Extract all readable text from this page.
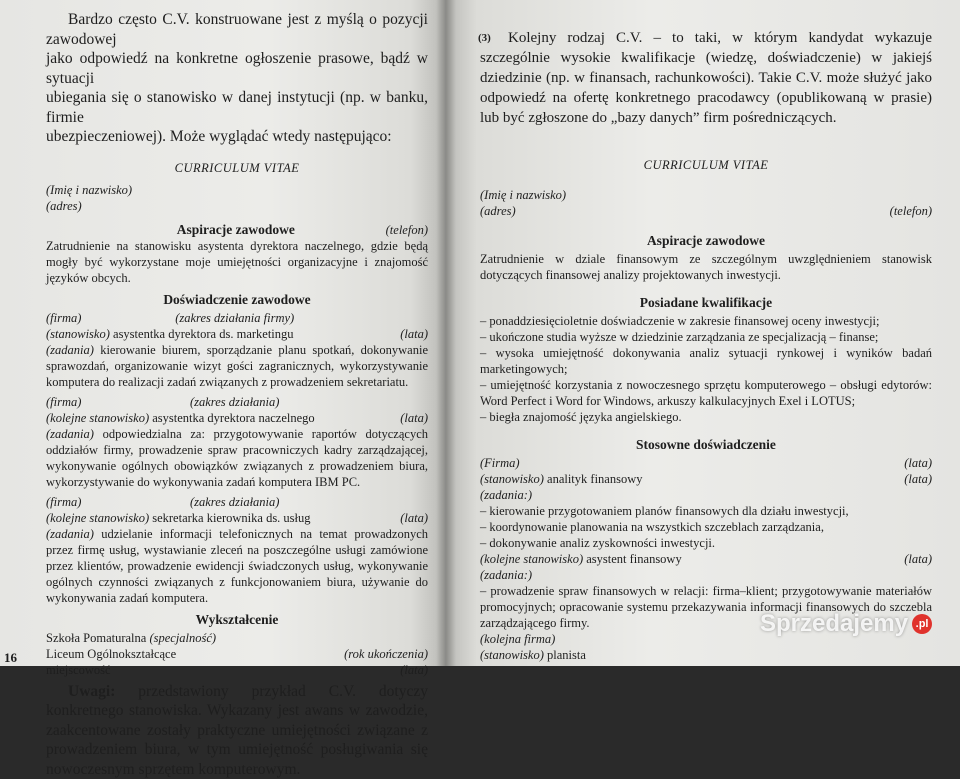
Bardzo często C.V. konstruowane jest z myślą o pozycji zawodowej

jako odpowiedź na konkretne ogłoszenie prasowe, bądź w sytuacji

ubiegania się o stanowisko w danej instytucji (np. w banku, firmie

ubezpieczeniowej). Może wyglądać wtedy następująco:

CURRICULUM VITAE

(Imię i nazwisko)

(adres)

Aspiracje zawodowe	(telefon)

Zatrudnienie na stanowisku asystenta dyrektora naczelnego, gdzie będą mogły być wykorzystane moje umiejętności organizacyjne i znajomość języków obcych.

Doświadczenie zawodowe
(firma)	(zakres działania firmy)
(stanowisko) asystentka dyrektora ds. marketingu	(lata)

(zadania) kierowanie biurem, sporządzanie planu spotkań, dokonywanie sprawozdań, organizowanie wizyt gości zagranicznych, wykorzystywanie komputera do realizacji zadań związanych z prowadzeniem sekretariatu.

(firma)	(zakres działania)
(kolejne stanowisko) asystentka dyrektora naczelnego	(lata)

(zadania) odpowiedzialna za: przygotowywanie raportów dotyczących oddziałów firmy, prowadzenie spraw pracowniczych kadry zarządzającej, wykonywanie ogólnych obowiązków związanych z prowadzeniem biura, wykorzystywanie do wykonywania zadań komputera IBM PC.

(firma)	(zakres działania)
(kolejne stanowisko) sekretarka kierownika ds. usług	(lata)

(zadania) udzielanie informacji telefonicznych na temat prowadzonych przez firmę usług, wystawianie zleceń na poszczególne usługi zamówione przez klientów, prowadzenie ewidencji świadczonych usług, wykonywanie ogólnych czynności związanych z funkcjonowaniem biura, używanie do wykonywania zadań komputera.

Wykształcenie

Szkoła Pomaturalna (specjalność)

Liceum Ogólnokształcące	(rok ukończenia)
miejscowość	(lata)

Uwagi: przedstawiony przykład C.V. dotyczy konkretnego stanowiska. Wykazany jest awans w zawodzie, zaakcentowane zostały praktyczne umiejętności związane z prowadzeniem biura, w tym umiejętność posługiwania się nowoczesnym sprzętem komputerowym.

Kolejny rodzaj C.V. – to taki, w którym kandydat wykazuje szczególnie wysokie kwalifikacje (wiedzę, doświadczenie) w jakiejś dziedzinie (np. w finansach, rachunkowości). Takie C.V. może służyć jako odpowiedź na ofertę konkretnego pracodawcy (opublikowaną w prasie) lub być zgłoszone do „bazy danych” firm pośredniczących.

CURRICULUM VITAE

(Imię i nazwisko)

(adres)	(telefon)
Aspiracje zawodowe

Zatrudnienie w dziale finansowym ze szczególnym uwzględnieniem stanowisk dotyczących finansowej analizy projektowanych inwestycji.

Posiadane kwalifikacje

– ponaddziesięcioletnie doświadczenie w zakresie finansowej oceny inwestycji;

– ukończone studia wyższe w dziedzinie zarządzania ze specjalizacją – finanse;

– wysoka umiejętność dokonywania analiz sytuacji rynkowej i wyników badań marketingowych;

– umiejętność korzystania z nowoczesnego sprzętu komputerowego – obsługi edytorów: Word Perfect i Word for Windows, arkuszy kalkulacyjnych Exel i LOTUS;

– biegła znajomość języka angielskiego.

Stosowne doświadczenie
(Firma)	(lata)
(stanowisko) analityk finansowy	(lata)

(zadania:)

– kierowanie przygotowaniem planów finansowych dla działu inwestycji,

– koordynowanie planowania na wszystkich szczeblach zarządzania,

– dokonywanie analiz zyskowności inwestycji.

(kolejne stanowisko) asystent finansowy	(lata)

(zadania:)

– prowadzenie spraw finansowych w relacji: firma–klient; przygotowywanie materiałów promocyjnych; opracowanie systemu przekazywania informacji finansowych do szczebla zarządzającego firmy.

(kolejna firma)

(stanowisko) planista

(3)
16
Sprzedajemy .pl
